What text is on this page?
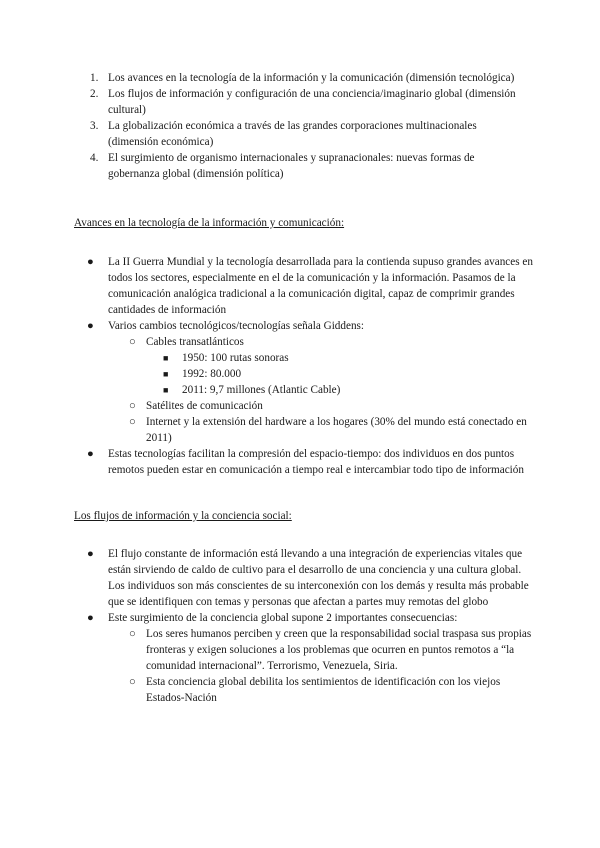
1. Los avances en la tecnología de la información y la comunicación (dimensión tecnológica)
2. Los flujos de información y configuración de una conciencia/imaginario global (dimensión cultural)
3. La globalización económica a través de las grandes corporaciones multinacionales (dimensión económica)
4. El surgimiento de organismo internacionales y supranacionales: nuevas formas de gobernanza global (dimensión política)
Avances en la tecnología de la información y comunicación:
● La II Guerra Mundial y la tecnología desarrollada para la contienda supuso grandes avances en todos los sectores, especialmente en el de la comunicación y la información. Pasamos de la comunicación analógica tradicional a la comunicación digital, capaz de comprimir grandes cantidades de información
● Varios cambios tecnológicos/tecnologías señala Giddens:
○ Cables transatlánticos
■ 1950: 100 rutas sonoras
■ 1992: 80.000
■ 2011: 9,7 millones (Atlantic Cable)
○ Satélites de comunicación
○ Internet y la extensión del hardware a los hogares (30% del mundo está conectado en 2011)
● Estas tecnologías facilitan la compresión del espacio-tiempo: dos individuos en dos puntos remotos pueden estar en comunicación a tiempo real e intercambiar todo tipo de información
Los flujos de información y la conciencia social:
● El flujo constante de información está llevando a una integración de experiencias vitales que están sirviendo de caldo de cultivo para el desarrollo de una conciencia y una cultura global. Los individuos son más conscientes de su interconexión con los demás y resulta más probable que se identifiquen con temas y personas que afectan a partes muy remotas del globo
● Este surgimiento de la conciencia global supone 2 importantes consecuencias:
○ Los seres humanos perciben y creen que la responsabilidad social traspasa sus propias fronteras y exigen soluciones a los problemas que ocurren en puntos remotos a “la comunidad internacional”. Terrorismo, Venezuela, Siria.
○ Esta conciencia global debilita los sentimientos de identificación con los viejos Estados-Nación
